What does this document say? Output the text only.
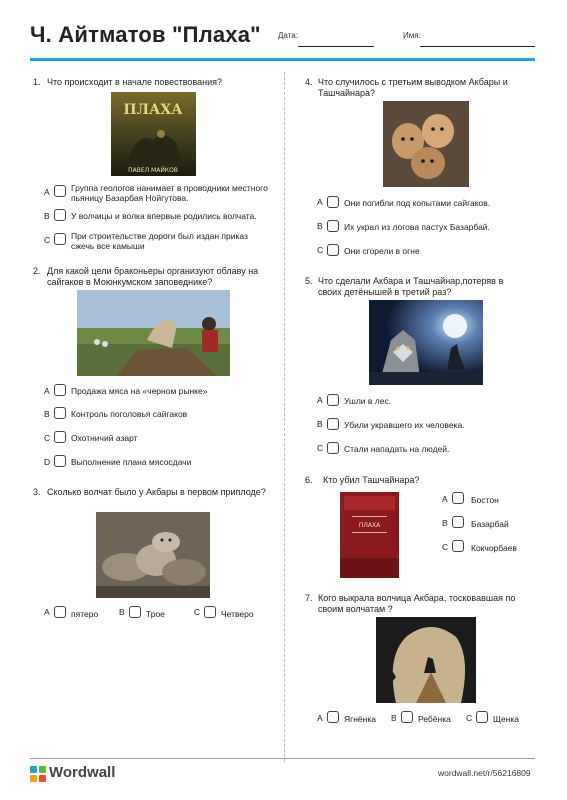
Ч. Айтматов "Плаха" Дата:	Имя:
1. Что происходит в начале повествования?
ПЛАХА
ПАВЕЛ МАЙКОВ
A	Группа геологов нанимает в проводники местного пьяницу Базарбая Нойгутова.
B	У волчицы и волка впервые родились волчата.
C При строительстве дороги был издан приказ сжечь все камыши
2. Для какой цели браконьеры организуют облаву на сайгаков в Моюнкумском заповеднике?
A	Продажа мяса на «черном рынке»
B	Контроль поголовья сайгаков
C Охотничий азарт
D Выполнение плана мясосдачи
3. Сколько волчат было у Акбары в первом приплоде?
A	пятеро B	Трое	C Четверо
4. Что случилось с третьим выводком Акбары и Ташчайнара?
A	Они погибли под копытами сайгаков.
B	Их украл из логова пастух Базарбай.
C Они сгорели в огне
5. Что сделали Акбара и Ташчайнар,потеряв в своих детёнышей в третий раз?
A	Ушли в лес.
B	Убили укравшего их человека.
C Стали нападать на людей.
6. Кто убил Ташчайнара?
ПЛАХА
A	Бостон
B	Базарбай
C	Кокчорбаев
7. Кого выкрала волчица Акбара, тосковавшая по своим волчатам ?
A	Ягнёнка B	Ребёнка C Щенка
Wordwall	wordwall.net/r/56216809
